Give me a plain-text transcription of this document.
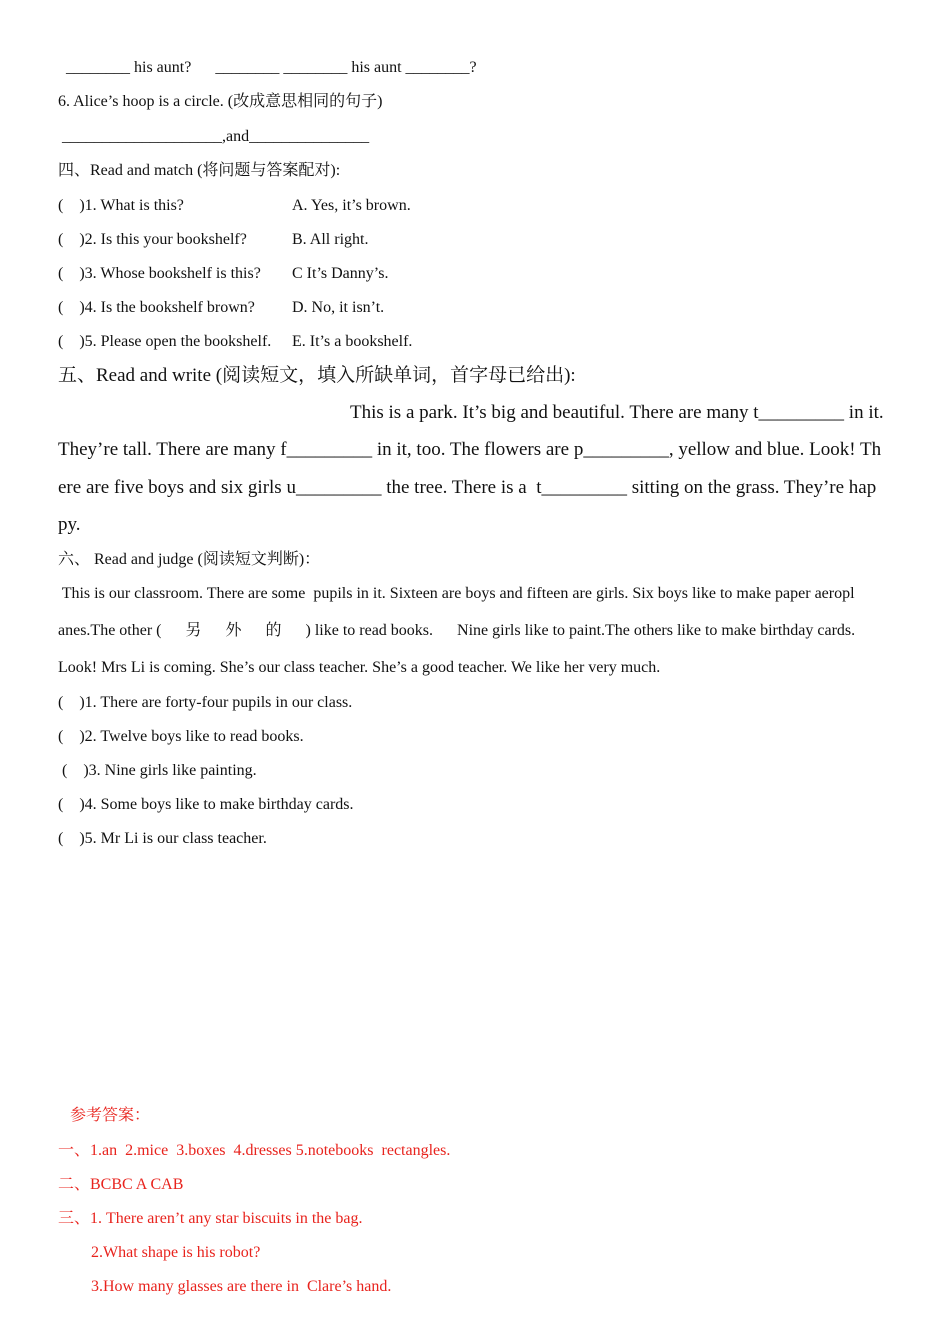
________ his aunt?      ________ ________ his aunt ________?
6. Alice’s hoop is a circle. (改成意思相同的句子)
____________________,and_______________
四、Read and match (将问题与答案配对):
(    )1. What is this?	A. Yes, it’s brown.
(    )2. Is this your bookshelf?	B. All right.
(    )3. Whose bookshelf is this? C It’s Danny’s.
(    )4. Is the bookshelf brown? D. No, it isn’t.
(    )5. Please open the bookshelf. E. It’s a bookshelf.
五、Read and write (阅读短文，填入所缺单词，首字母已给出):
This is a park. It’s big and beautiful. There are many t_________ in it.
They’re tall. There are many f_________ in it, too. The flowers are p_________, yellow and blue. Look! Th
ere are five boys and six girls u_________ the tree. There is a  t_________ sitting on the grass. They’re hap
py.
六、 Read and judge (阅读短文判断)：
This is our classroom. There are some  pupils in it. Sixteen are boys and fifteen are girls. Six boys like to make paper aeropl
anes.The other (      另      外      的      ) like to read books.      Nine girls like to paint.The others like to make birthday cards.
Look! Mrs Li is coming. She’s our class teacher. She’s a good teacher. We like her very much.
(    )1. There are forty-four pupils in our class.
(    )2. Twelve boys like to read books.
(    )3. Nine girls like painting.
(    )4. Some boys like to make birthday cards.
(    )5. Mr Li is our class teacher.
参考答案：
一、1.an  2.mice  3.boxes  4.dresses 5.notebooks  rectangles.
二、BCBC A CAB
三、1. There aren’t any star biscuits in the bag.
2.What shape is his robot?
3.How many glasses are there in  Clare’s hand.
